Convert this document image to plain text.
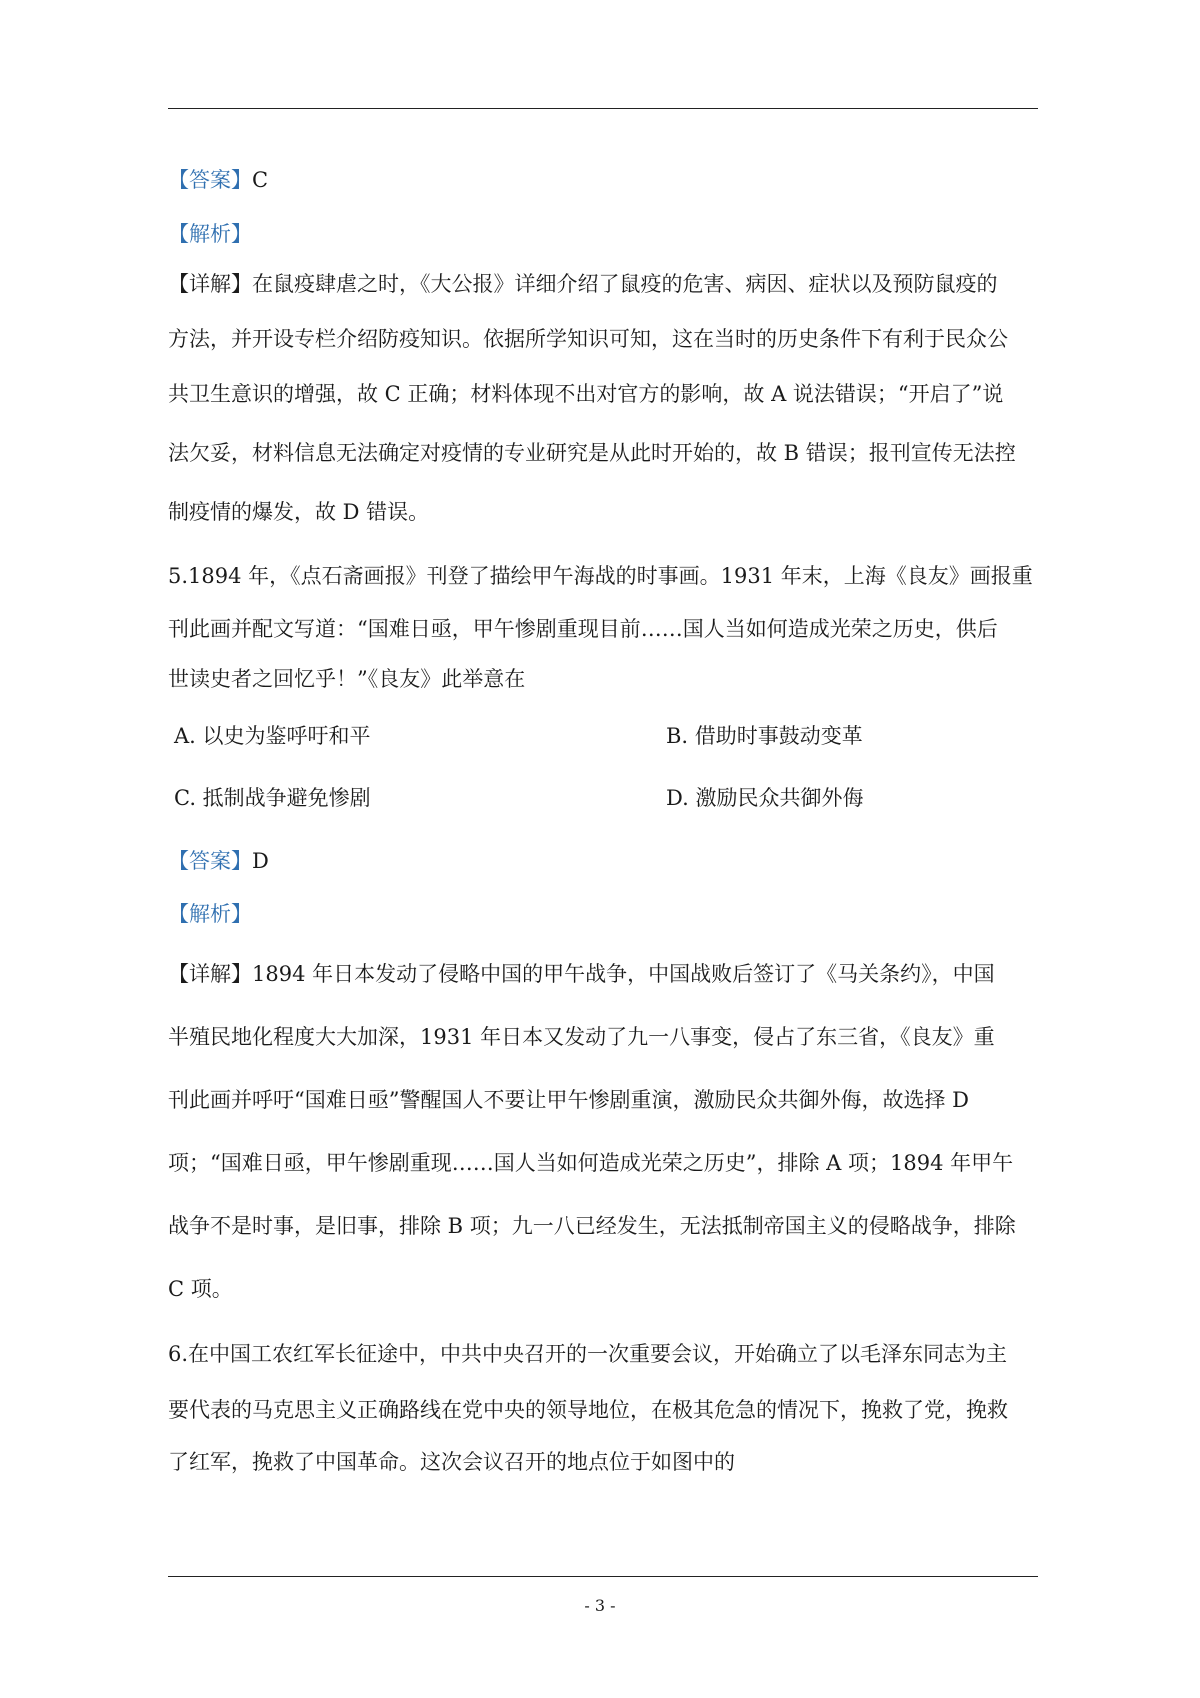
【答案】C
【解析】
【详解】在鼠疫肆虐之时，《大公报》详细介绍了鼠疫的危害、病因、症状以及预防鼠疫的
方法，并开设专栏介绍防疫知识。依据所学知识可知，这在当时的历史条件下有利于民众公
共卫生意识的增强，故 C 正确；材料体现不出对官方的影响，故 A 说法错误；“开启了”说
法欠妥，材料信息无法确定对疫情的专业研究是从此时开始的，故 B 错误；报刊宣传无法控
制疫情的爆发，故 D 错误。
5.1894 年，《点石斋画报》刊登了描绘甲午海战的时事画。1931 年末，上海《良友》画报重
刊此画并配文写道：“国难日亟，甲午惨剧重现目前……国人当如何造成光荣之历史，供后
世读史者之回忆乎！”《良友》此举意在
A. 以史为鉴呼吁和平	B. 借助时事鼓动变革
C. 抵制战争避免惨剧	D. 激励民众共御外侮
【答案】D
【解析】
【详解】1894 年日本发动了侵略中国的甲午战争，中国战败后签订了《马关条约》，中国
半殖民地化程度大大加深，1931 年日本又发动了九一八事变，侵占了东三省，《良友》重
刊此画并呼吁“国难日亟”警醒国人不要让甲午惨剧重演，激励民众共御外侮，故选择 D
项；“国难日亟，甲午惨剧重现……国人当如何造成光荣之历史”，排除 A 项；1894 年甲午
战争不是时事，是旧事，排除 B 项；九一八已经发生，无法抵制帝国主义的侵略战争，排除
C 项。
6.在中国工农红军长征途中，中共中央召开的一次重要会议，开始确立了以毛泽东同志为主
要代表的马克思主义正确路线在党中央的领导地位，在极其危急的情况下，挽救了党，挽救
了红军，挽救了中国革命。这次会议召开的地点位于如图中的
- 3 -
